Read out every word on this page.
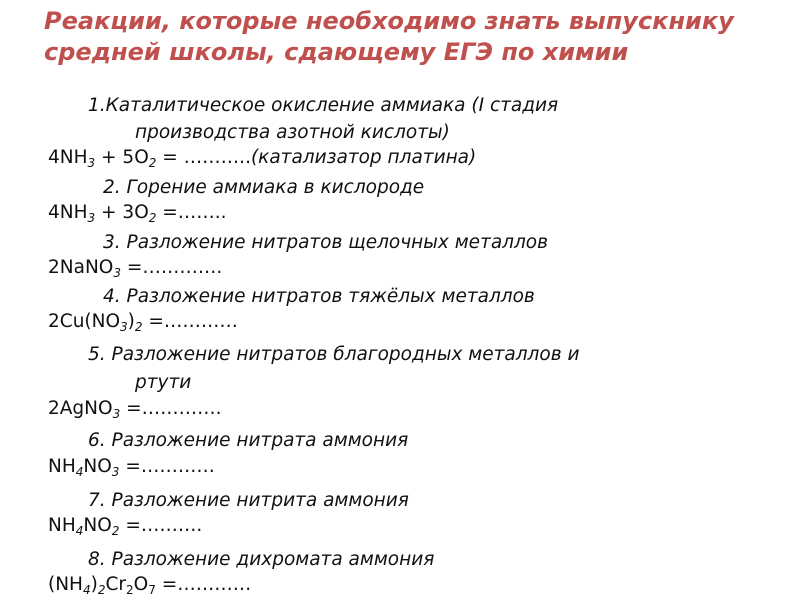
Реакции, которые необходимо знать выпускнику средней школы, сдающему ЕГЭ по химии

1.Каталитическое окисление аммиака (I стадия

производства азотной кислоты)

$4NH_3 + 5O_2$ = ………..(катализатор платина)

2. Горение аммиака в кислороде

$4NH_3 + 3O_2$ =……..

3. Разложение нитратов щелочных металлов

2NaNO$_3$ =………….

4. Разложение нитратов тяжёлых металлов

$2Cu(NO_3)_2$ =…………

5. Разложение нитратов благородных металлов и

ртути

2AgNO$_3$ =………….

6. Разложение нитрата аммония

$NH_4NO_3$ =…………

7. Разложение нитрита аммония

$NH_4NO_2$ =……….

8. Разложение дихромата аммония

$(NH_4)_2Cr_2O_7$ =…………
